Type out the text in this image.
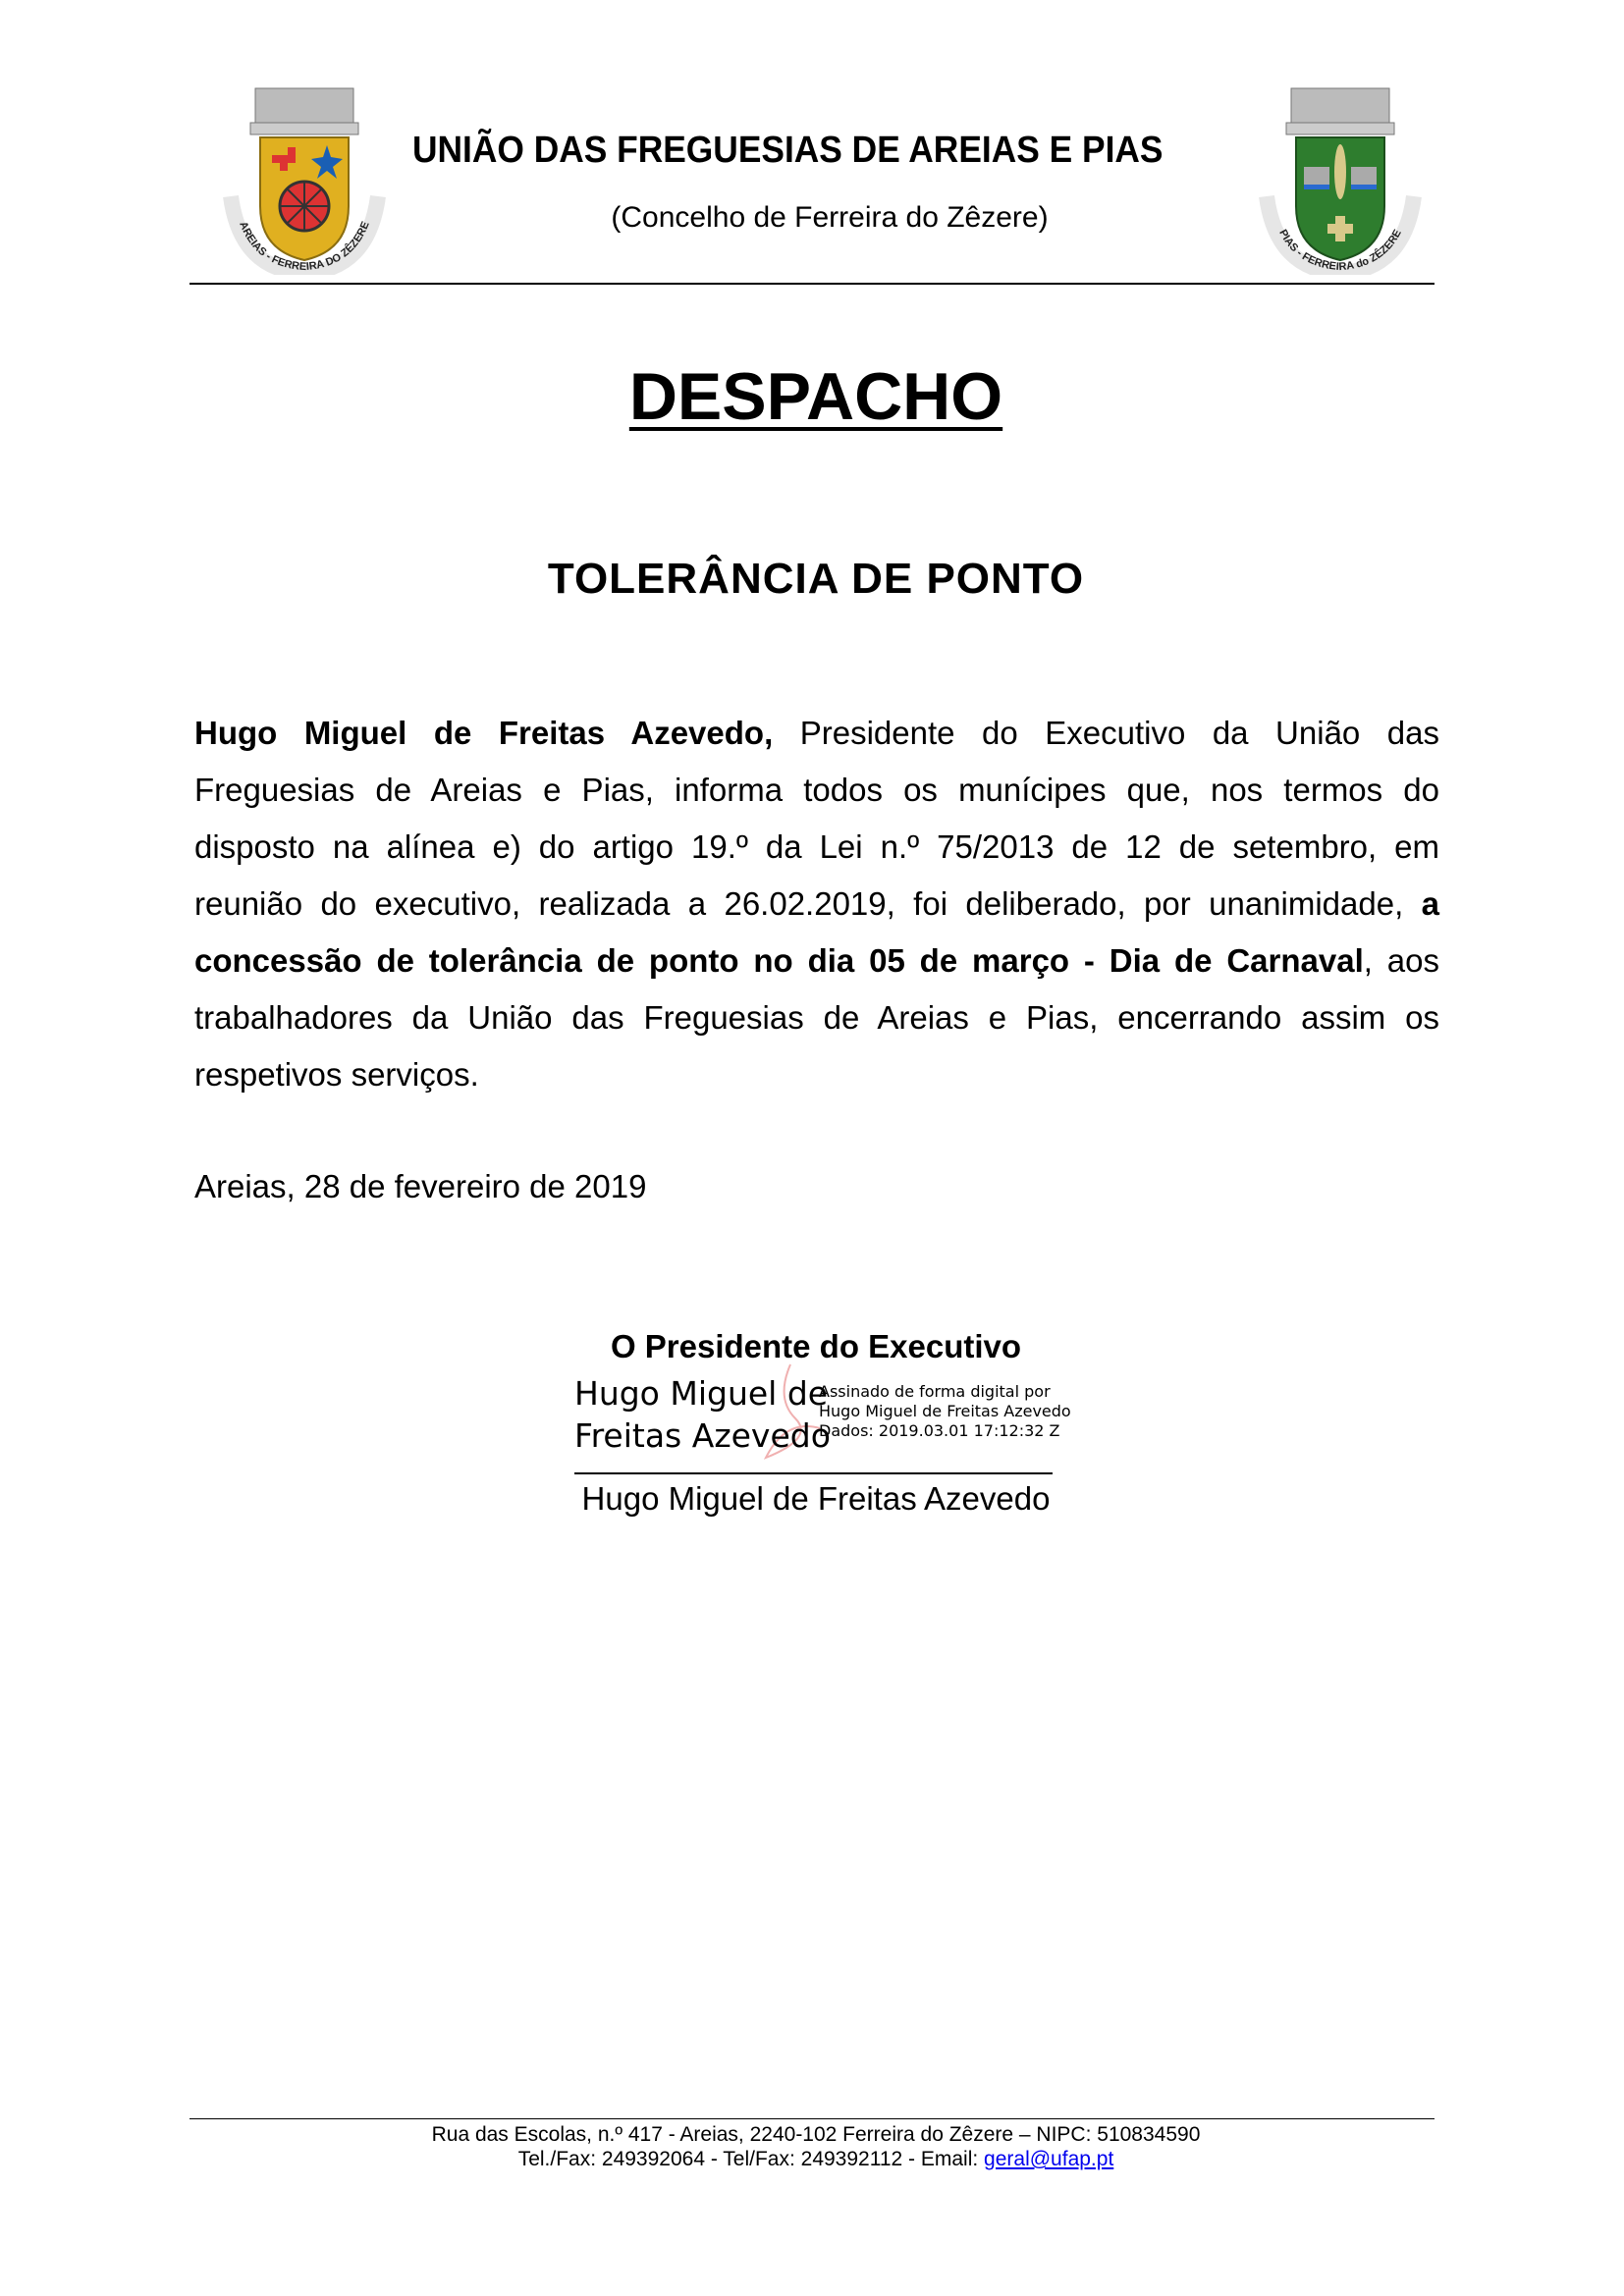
AREIAS - FERREIRA DO ZÊZERE
PIAS - FERREIRA do ZÊZERE
UNIÃO DAS FREGUESIAS DE AREIAS E PIAS
(Concelho de Ferreira do Zêzere)
DESPACHO
TOLERÂNCIA DE PONTO
Hugo Miguel de Freitas Azevedo, Presidente do Executivo da União das
Freguesias de Areias e Pias, informa todos os munícipes que, nos termos do
disposto na alínea e) do artigo 19.º da Lei n.º 75/2013 de 12 de setembro, em
reunião do executivo, realizada a 26.02.2019, foi deliberado, por unanimidade, a
concessão de tolerância de ponto no dia 05 de março - Dia de Carnaval, aos
trabalhadores da União das Freguesias de Areias e Pias, encerrando assim os
respetivos serviços.
Areias, 28 de fevereiro de 2019
O Presidente do Executivo
Hugo Miguel de
Freitas Azevedo
Assinado de forma digital por
Hugo Miguel de Freitas Azevedo
Dados: 2019.03.01 17:12:32 Z
Hugo Miguel de Freitas Azevedo
Rua das Escolas, n.º 417 - Areias, 2240-102 Ferreira do Zêzere – NIPC: 510834590
Tel./Fax: 249392064 - Tel/Fax: 249392112 - Email: geral@ufap.pt
